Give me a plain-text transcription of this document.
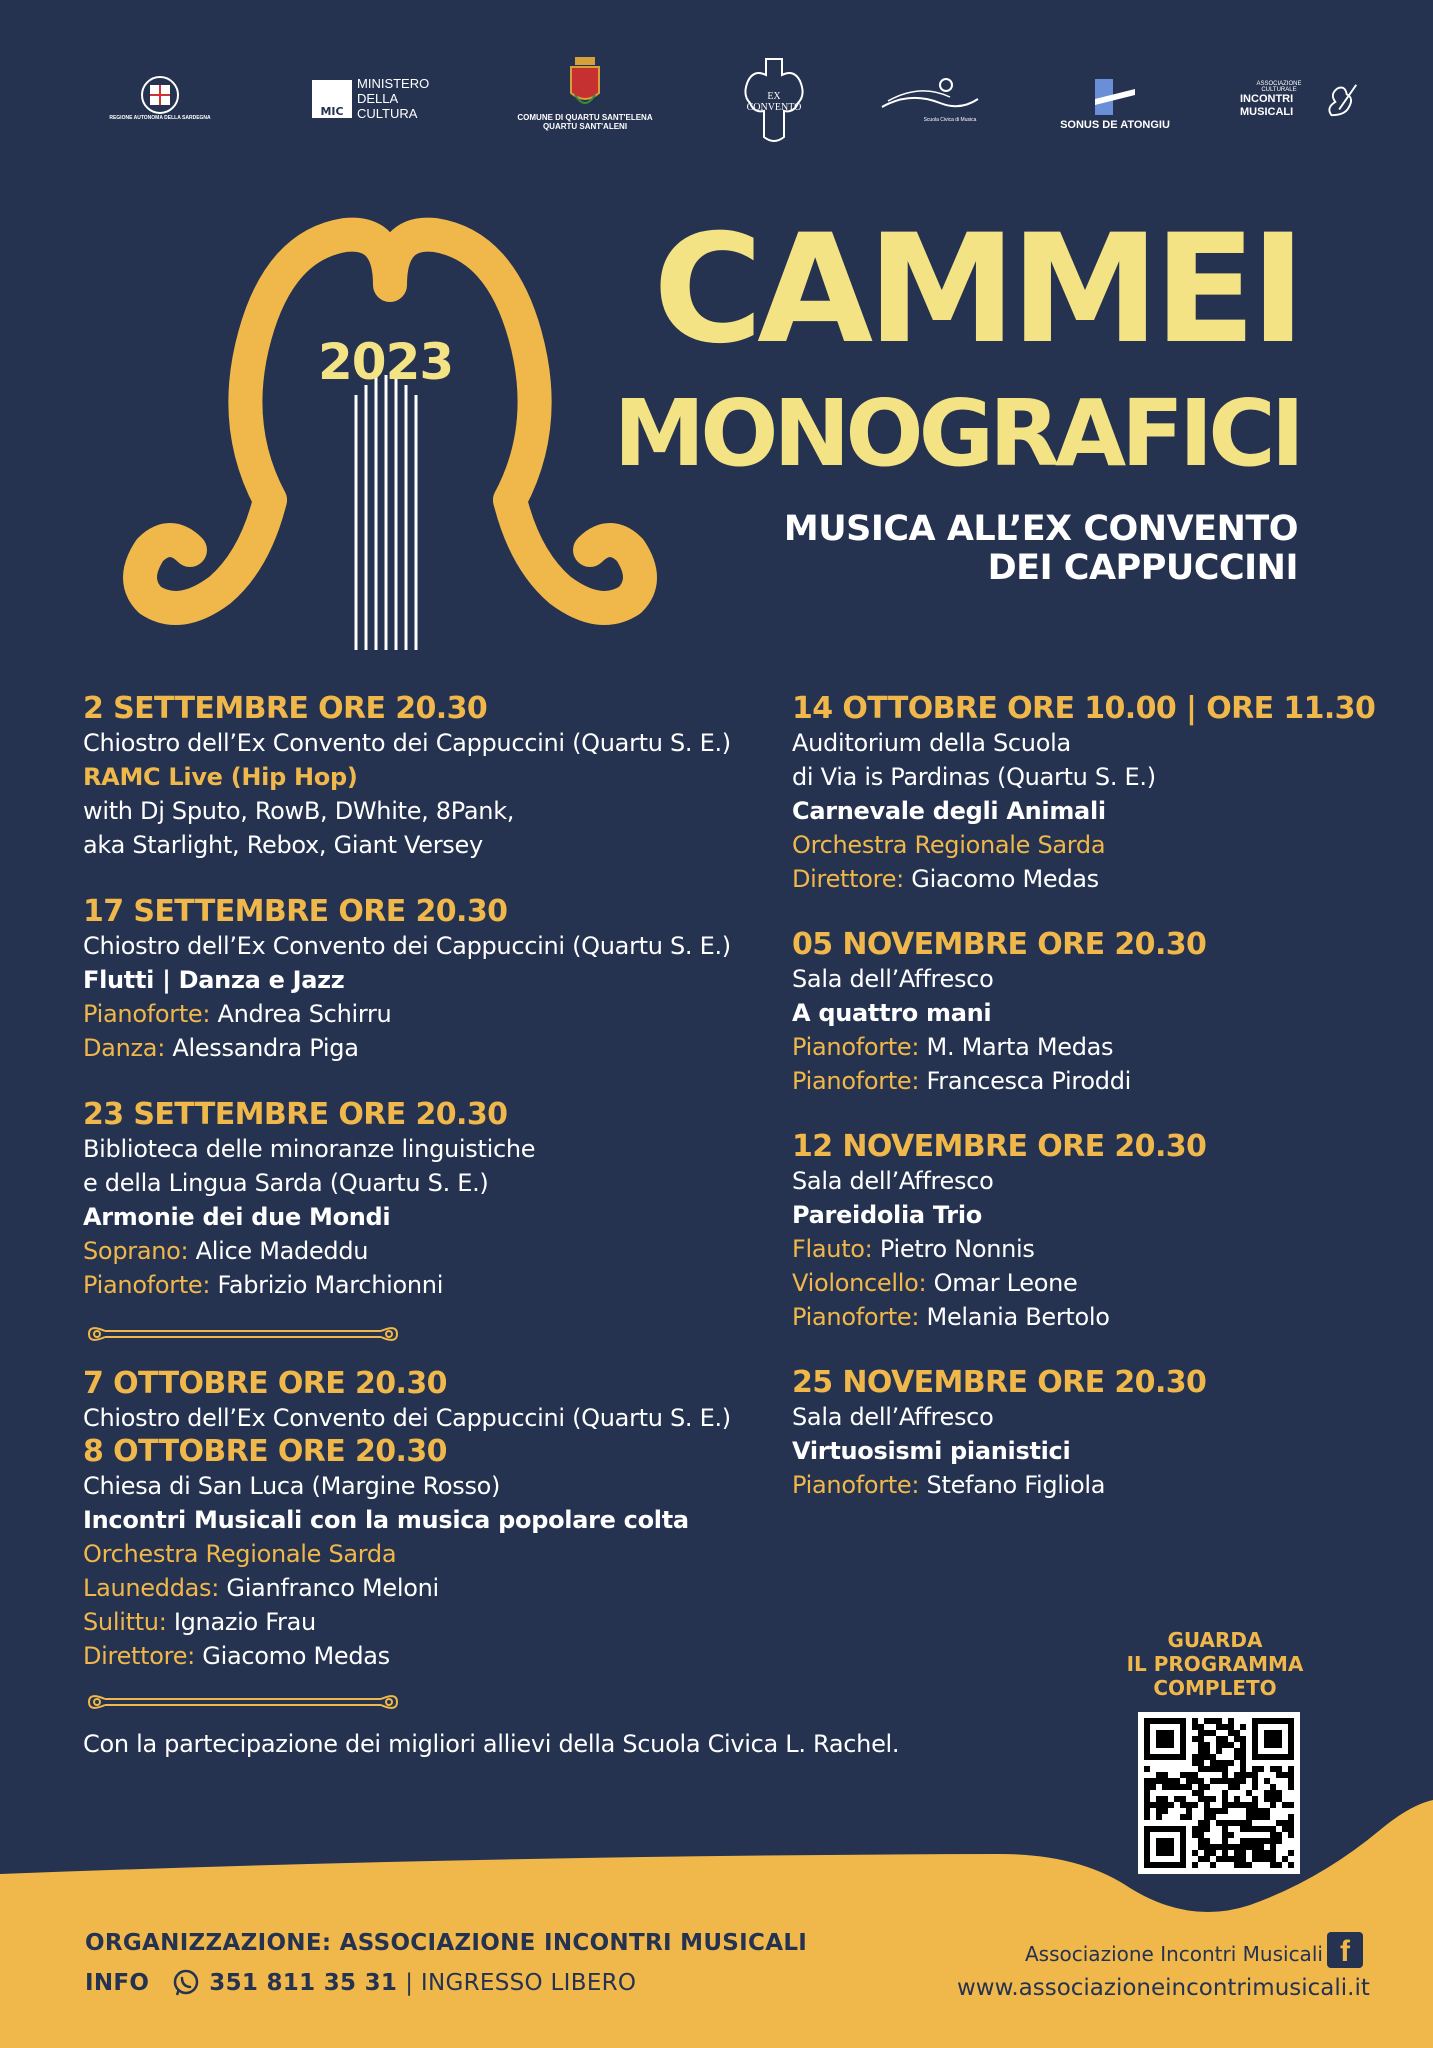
REGIONE AUTONOMA DELLA SARDEGNA	MIC
MINISTERO DELLA CULTURA	COMUNE DI QUARTU SANT'ELENA QUARTU SANT'ALENI
EX CONVENTO
Scuola Civica di Musica	SONUS DE ATONGIU
ASSOCIAZIONE CULTURALE
INCONTRI MUSICALI
2023	CAMMEI
MONOGRAFICI
MUSICA ALL’EX CONVENTO
DEI CAPPUCCINI
2 SETTEMBRE ORE 20.30
Chiostro dell’Ex Convento dei Cappuccini (Quartu S. E.)
RAMC Live (Hip Hop)
with Dj Sputo, RowB, DWhite, 8Pank,
aka Starlight, Rebox, Giant Versey
17 SETTEMBRE ORE 20.30
Chiostro dell’Ex Convento dei Cappuccini (Quartu S. E.)
Flutti | Danza e Jazz
Pianoforte: Andrea Schirru
Danza: Alessandra Piga
23 SETTEMBRE ORE 20.30
Biblioteca delle minoranze linguistiche
e della Lingua Sarda (Quartu S. E.)
Armonie dei due Mondi
Soprano: Alice Madeddu
Pianoforte: Fabrizio Marchionni
7 OTTOBRE ORE 20.30
Chiostro dell’Ex Convento dei Cappuccini (Quartu S. E.)
8 OTTOBRE ORE 20.30
Chiesa di San Luca (Margine Rosso)
Incontri Musicali con la musica popolare colta
Orchestra Regionale Sarda
Launeddas: Gianfranco Meloni
Sulittu: Ignazio Frau
Direttore: Giacomo Medas
14 OTTOBRE ORE 10.00 | ORE 11.30
Auditorium della Scuola
di Via is Pardinas (Quartu S. E.)
Carnevale degli Animali
Orchestra Regionale Sarda
Direttore: Giacomo Medas
05 NOVEMBRE ORE 20.30
Sala dell’Affresco
A quattro mani
Pianoforte: M. Marta Medas
Pianoforte: Francesca Piroddi
12 NOVEMBRE ORE 20.30
Sala dell’Affresco
Pareidolia Trio
Flauto: Pietro Nonnis
Violoncello: Omar Leone
Pianoforte: Melania Bertolo
25 NOVEMBRE ORE 20.30
Sala dell’Affresco
Virtuosismi pianistici
Pianoforte: Stefano Figliola
Con la partecipazione dei migliori allievi della Scuola Civica L. Rachel.
GUARDA
IL PROGRAMMA
COMPLETO
ORGANIZZAZIONE: ASSOCIAZIONE INCONTRI MUSICALI
INFO	351 811 35 31 | INGRESSO LIBERO
Associazione Incontri Musicali
www.associazioneincontrimusicali.it
f
